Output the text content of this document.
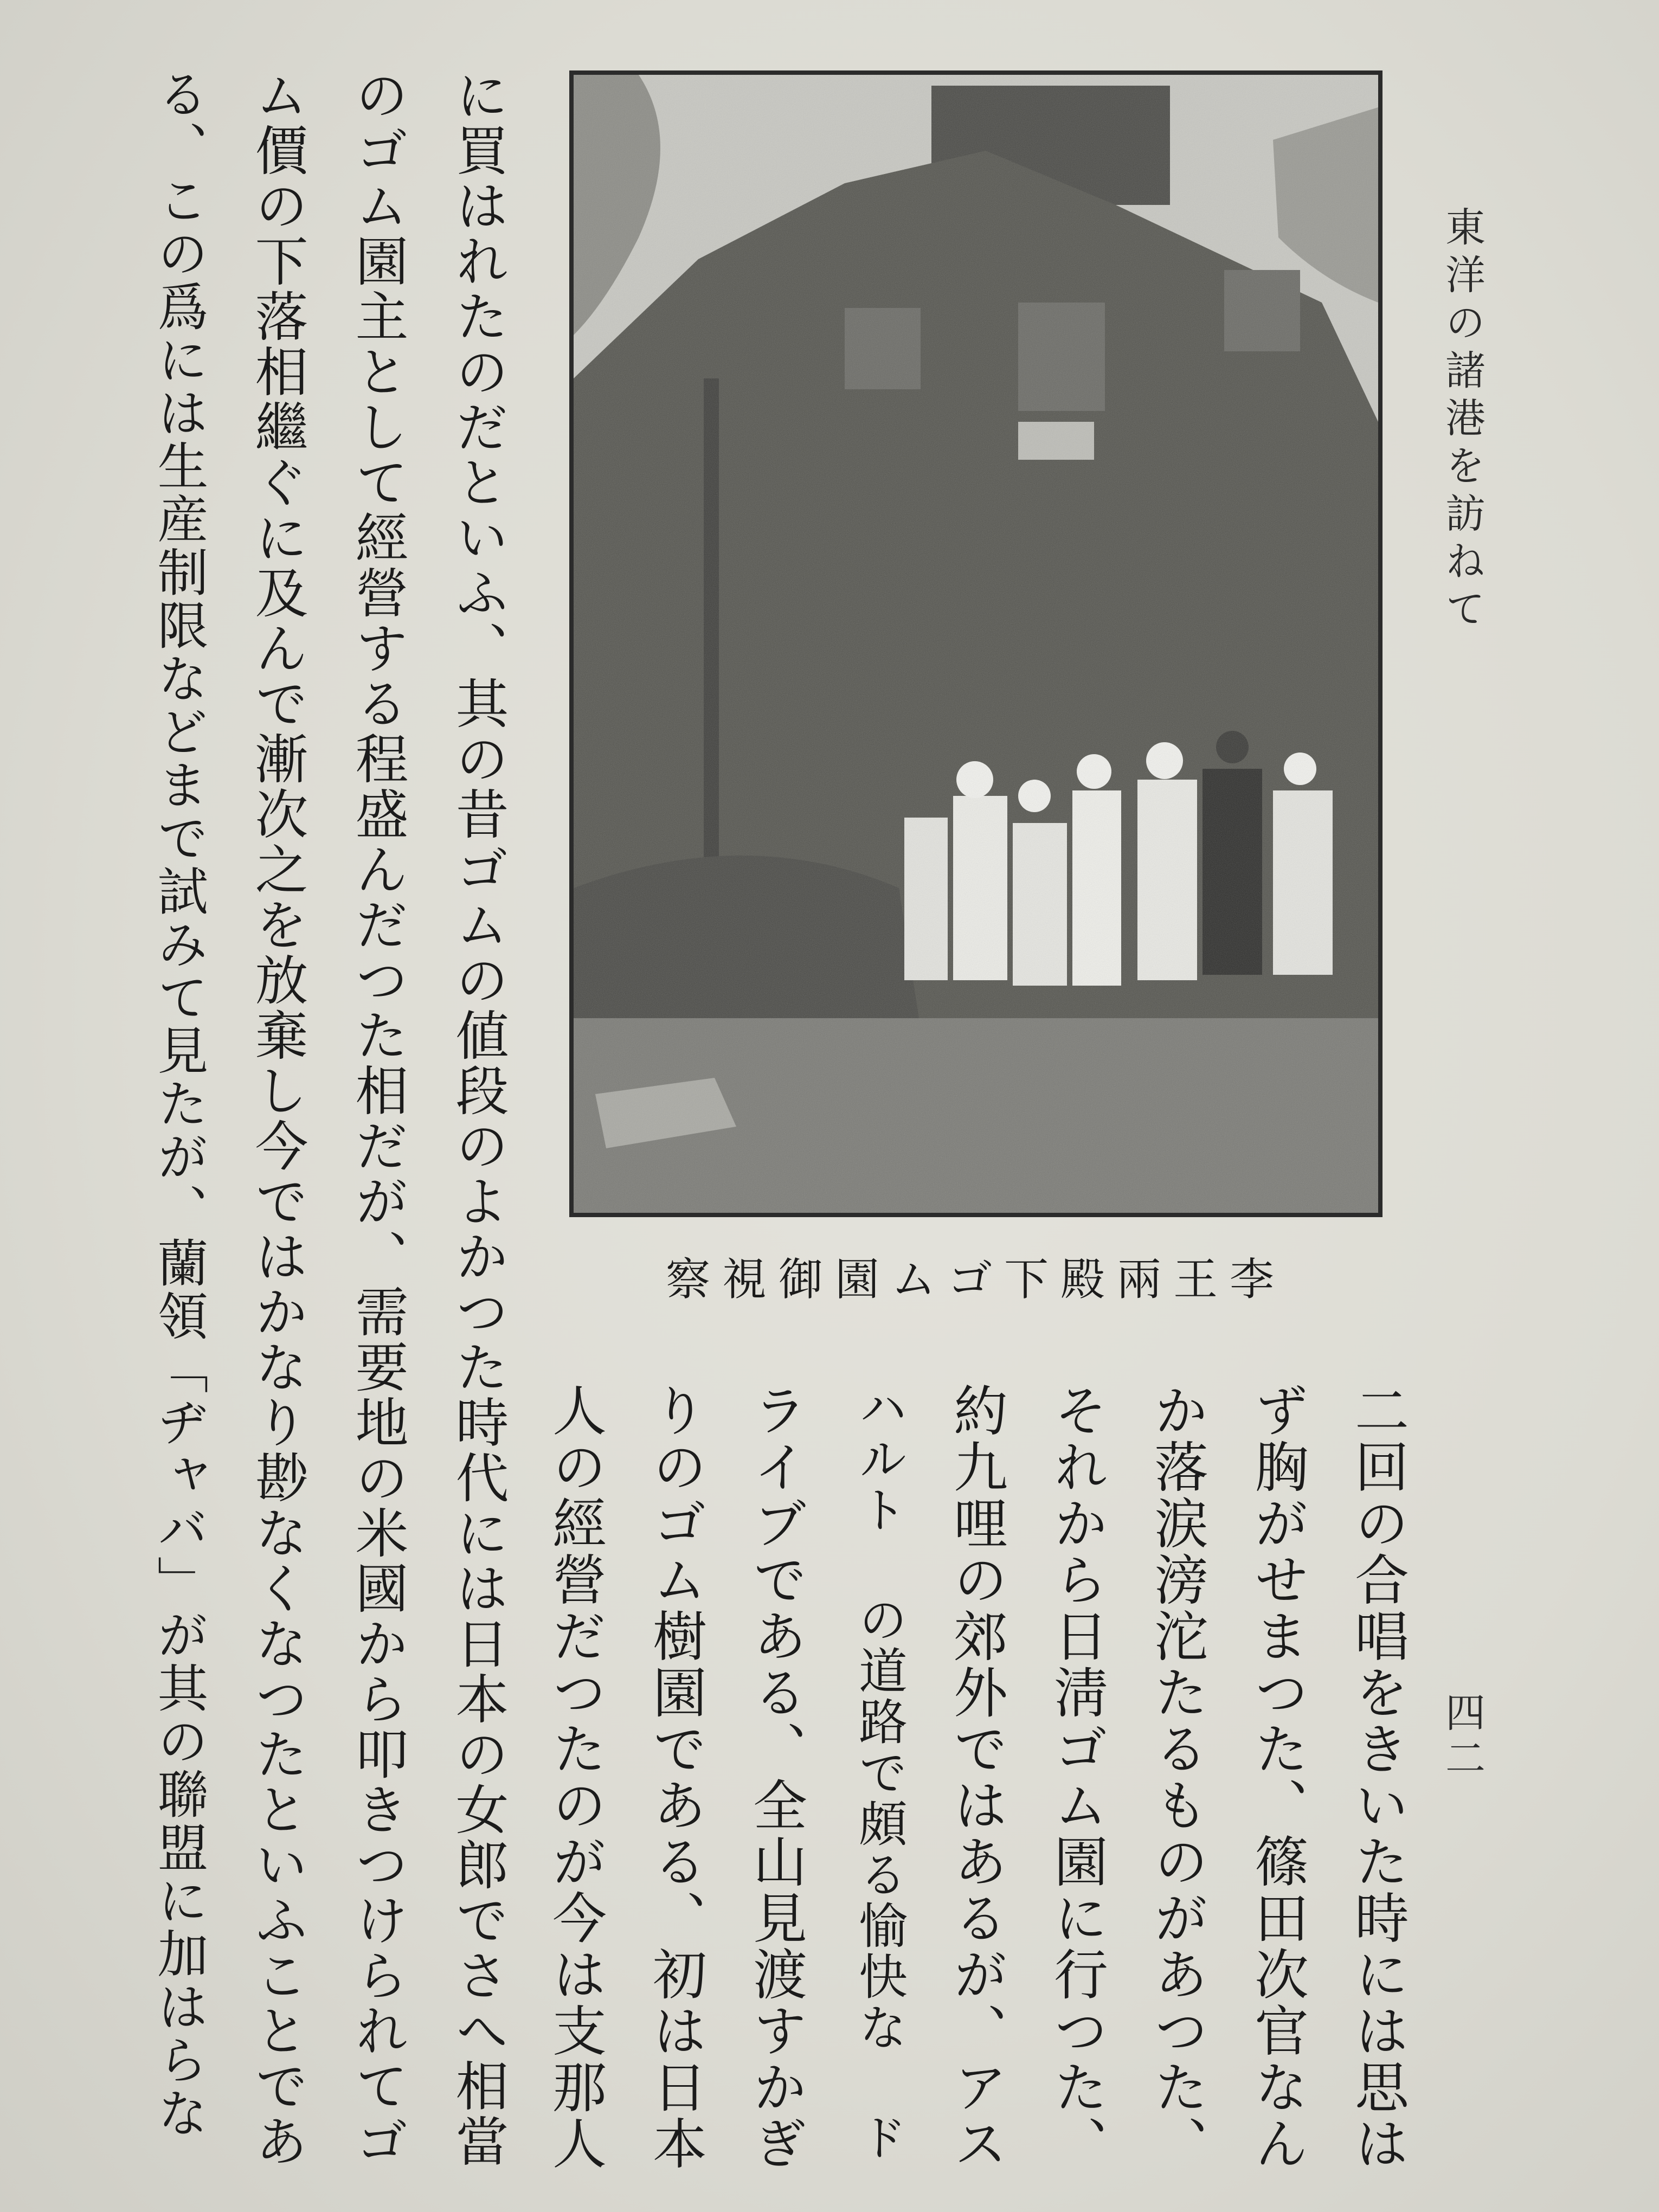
東洋の諸港を訪ねて
四二
察視御園ムゴ下殿兩王李
二回の合唱をきいた時には思は
ず胸がせまつた、篠田次官なん
か落涙滂沱たるものがあつた、
それから日淸ゴム園に行つた、
約九哩の郊外ではあるが、アス
ハルト の道路で頗る愉快な ド
ライブである、全山見渡すかぎ
りのゴム樹園である、初は日本
人の經營だつたのが今は支那人
に買はれたのだといふ、其の昔ゴムの値段のよかつた時代には日本の女郎でさへ相當
のゴム園主として經營する程盛んだつた相だが、需要地の米國から叩きつけられてゴ
ム價の下落相繼ぐに及んで漸次之を放棄し今ではかなり尠なくなつたといふことであ
る、この爲には生産制限などまで試みて見たが、蘭領「ヂャバ」が其の聯盟に加はらな
